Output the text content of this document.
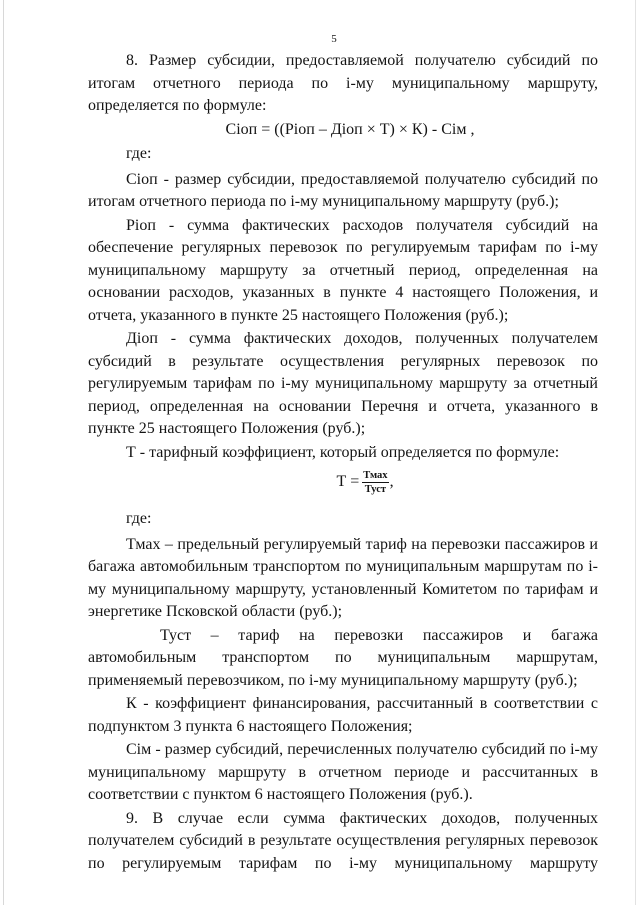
5

8. Размер субсидии, предоставляемой получателю субсидий по итогам отчетного периода по і-му муниципальному маршруту, определяется по формуле:

Сіоп = ((Ріоп – Діоп × Т) × К) - Сім ,

где:

Сіоп - размер субсидии, предоставляемой получателю субсидий по итогам отчетного периода по і-му муниципальному маршруту (руб.);

Ріоп - сумма фактических расходов получателя субсидий на обеспечение регулярных перевозок по регулируемым тарифам по і-му муниципальному маршруту за отчетный период, определенная на основании расходов, указанных в пункте 4 настоящего Положения, и отчета, указанного в пункте 25 настоящего Положения (руб.);

Діоп - сумма фактических доходов, полученных получателем субсидий в результате осуществления регулярных перевозок по регулируемым тарифам по і-му муниципальному маршруту за отчетный период, определенная на основании Перечня и отчета, указанного в пункте 25 настоящего Положения (руб.);

Т - тарифный коэффициент, который определяется по формуле:

$Т = \frac{\text{Тмах}}{\text{Туст}}$ ,

где:

Тмах – предельный регулируемый тариф на перевозки пассажиров и багажа автомобильным транспортом по муниципальным маршрутам по і-му муниципальному маршруту, установленный Комитетом по тарифам и энергетике Псковской области (руб.);

Туст – тариф на перевозки пассажиров и багажа автомобильным транспортом по муниципальным маршрутам,

применяемый перевозчиком, по і-му муниципальному маршруту (руб.);

К - коэффициент финансирования, рассчитанный в соответствии с подпунктом 3 пункта 6 настоящего Положения;

Сім - размер субсидий, перечисленных получателю субсидий по і-му муниципальному маршруту в отчетном периоде и рассчитанных в соответствии с пунктом 6 настоящего Положения (руб.).

9. В случае если сумма фактических доходов, полученных получателем субсидий в результате осуществления регулярных перевозок по регулируемым тарифам по і-му муниципальному маршруту
